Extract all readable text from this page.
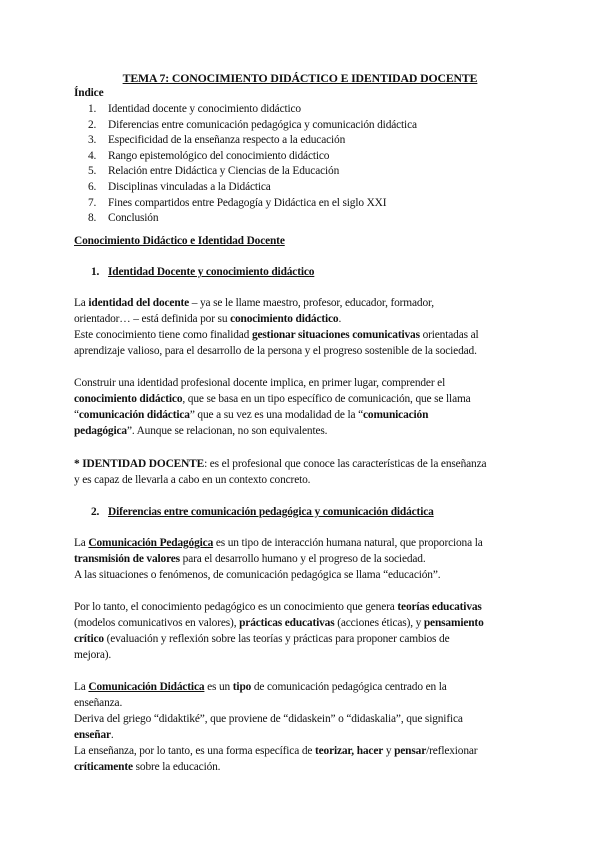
TEMA 7: CONOCIMIENTO DIDÁCTICO E IDENTIDAD DOCENTE
Índice
1. Identidad docente y conocimiento didáctico
2. Diferencias entre comunicación pedagógica y comunicación didáctica
3. Especificidad de la enseñanza respecto a la educación
4. Rango epistemológico del conocimiento didáctico
5. Relación entre Didáctica y Ciencias de la Educación
6. Disciplinas vinculadas a la Didáctica
7. Fines compartidos entre Pedagogía y Didáctica en el siglo XXI
8. Conclusión
Conocimiento Didáctico e Identidad Docente
1. Identidad Docente y conocimiento didáctico
La identidad del docente – ya se le llame maestro, profesor, educador, formador,
orientador… – está definida por su conocimiento didáctico.
Este conocimiento tiene como finalidad gestionar situaciones comunicativas orientadas al
aprendizaje valioso, para el desarrollo de la persona y el progreso sostenible de la sociedad.
Construir una identidad profesional docente implica, en primer lugar, comprender el
conocimiento didáctico, que se basa en un tipo específico de comunicación, que se llama
“comunicación didáctica” que a su vez es una modalidad de la “comunicación
pedagógica”. Aunque se relacionan, no son equivalentes.
* IDENTIDAD DOCENTE: es el profesional que conoce las características de la enseñanza
y es capaz de llevarla a cabo en un contexto concreto.
2. Diferencias entre comunicación pedagógica y comunicación didáctica
La Comunicación Pedagógica es un tipo de interacción humana natural, que proporciona la
transmisión de valores para el desarrollo humano y el progreso de la sociedad.
A las situaciones o fenómenos, de comunicación pedagógica se llama “educación”.
Por lo tanto, el conocimiento pedagógico es un conocimiento que genera teorías educativas
(modelos comunicativos en valores), prácticas educativas (acciones éticas), y pensamiento
crítico (evaluación y reflexión sobre las teorías y prácticas para proponer cambios de
mejora).
La Comunicación Didáctica es un tipo de comunicación pedagógica centrado en la
enseñanza.
Deriva del griego “didaktiké”, que proviene de “didaskein” o “didaskalia”, que significa
enseñar.
La enseñanza, por lo tanto, es una forma específica de teorizar, hacer y pensar/reflexionar
críticamente sobre la educación.
